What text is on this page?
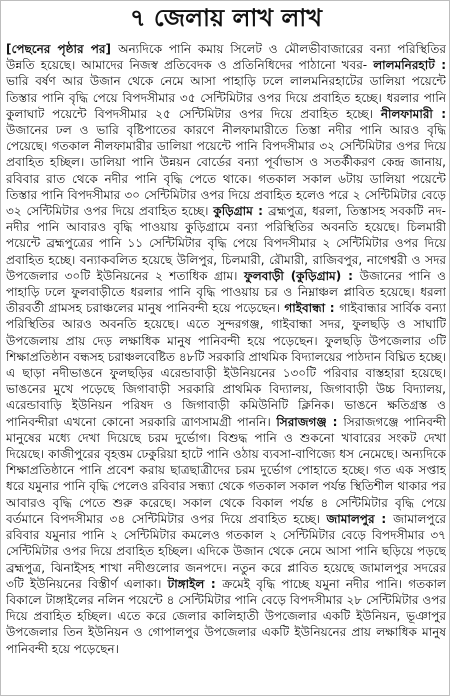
৭ জেলায় লাখ লাখ
[পেছনের পৃষ্ঠার পর] অন্যদিকে পানি কমায় সিলেট ও মৌলভীবাজারের বন্যা পরিস্থিতির উন্নতি হয়েছে। আমাদের নিজস্ব প্রতিবেদক ও প্রতিনিধিদের পাঠানো খবর- লালমনিরহাট : ভারি বর্ষণ আর উজান থেকে নেমে আসা পাহাড়ি ঢলে লালমনিরহাটের ডালিয়া পয়েন্টে তিস্তার পানি বৃদ্ধি পেয়ে বিপদসীমার ৩৫ সেন্টিমিটার ও‌পর দিয়ে প্রবাহিত হচ্ছে। ধরলার পানি কুলাঘাট পয়েন্টে বিপদসীমার ২৫ সেন্টিমিটার ওপর দিয়ে প্রবাহিত হচ্ছে। নীলফামারী : উজানের ঢল ও ভারি বৃষ্টিপাতের কারণে নীলফামারীতে তিস্তা নদীর পানি আরও বৃদ্ধি পেয়েছে। গতকাল নীলফামারীর ডালিয়া পয়েন্টে পানি বিপদসীমার ৩২ সেন্টিমিটার ওপর দিয়ে প্রবাহিত হচ্ছিল। ডালিয়া পানি উন্নয়ন বোর্ডের বন্যা পূর্বাভাস ও সতর্কীকরণ কেন্দ্র জানায়, রবিবার রাত থেকে নদীর পানি বৃদ্ধি পেতে থাকে। গতকাল সকাল ৬টায় ডালিয়া পয়েন্টে তিস্তার পানি বিপদসীমার ৩০ সেন্টিমিটার ওপর দিয়ে প্রবাহিত হলেও পরে ২ সেন্টিমিটার বেড়ে ৩২ সেন্টিমিটার ওপর দিয়ে প্রবাহিত হচ্ছে। কুড়িগ্রাম : ব্রহ্মপুত্র, ধরলা, তিস্তাসহ সবকটি নদ-নদীর পানি আবারও বৃদ্ধি পাওয়ায় কুড়িগ্রামে বন্যা পরিস্থিতির অবনতি হয়েছে। চিলমারী পয়েন্টে ব্রহ্মপুত্রের পানি ১১ সেন্টিমিটার বৃদ্ধি পেয়ে বিপদসীমার ২ সেন্টিমিটার ওপর দিয়ে প্রবাহিত হচ্ছে। বন্যাকবলিত হয়েছে উলিপুর, চিলমারী, রৌমারী, রাজিবপুর, নাগেশ্বরী ও সদর উপজেলার ৩০টি ইউনিয়নের ২ শতাধিক গ্রাম। ফুলবাড়ী (কুড়িগ্রাম) : উজানের পানি ও পাহাড়ি ঢলে ফুলবাড়ীতে ধরলার পানি বৃদ্ধি পাওয়ায় চর ও নিম্নাঞ্চল প্লাবিত হয়েছে। ধরলা তীরবর্তী গ্রামসহ চরাঞ্চলের মানুষ পানিবন্দী হয়ে পড়েছেন। গাইবান্ধা : গাইবান্ধার সার্বিক বন্যা পরিস্থিতির আরও অবনতি হয়েছে। এতে সুন্দরগঞ্জ, গাইবান্ধা সদর, ফুলছড়ি ও সাঘাটি উপজেলায় প্রায় দেড় লক্ষাধিক মানুষ পানিবন্দী হয়ে পড়েছেন। ফুলছড়ি উপজেলার ৩টি শিক্ষাপ্রতিষ্ঠান বন্ধসহ চরাঞ্চলবেষ্টিত ৪৮টি সরকারি প্রাথমিক বিদ্যালয়ের পাঠদান বিঘ্নিত হচ্ছে। এ ছাড়া নদীভাঙনে ফুলছড়ির এরেন্ডাবাড়ী ইউনিয়নের ১৩০টি পরিবার বাস্তহারা হয়েছে। ভাঙনের মুখে পড়েছে জিগাবাড়ী সরকারি প্রাথমিক বিদ্যালয়, জিগাবাড়ী উচ্চ বিদ্যালয়, এরেন্ডাবাড়ি ইউনিয়ন পরিষদ ও জিগাবাড়ী কমিউনিটি ক্লিনিক। ভাঙনে ক্ষতিগ্রস্ত ও পানিবন্দীরা এখনো কোনো সরকারি ত্রাণসামগ্রী পাননি। সিরাজগঞ্জ : সিরাজগঞ্জে পানিবন্দী মানুষের মধ্যে দেখা দিয়েছে চরম দুর্ভোগ। বিশুদ্ধ পানি ও শুকনো খাবারের সংকট দেখা দিয়েছে। কাজীপুরের বৃহত্তম ঢেকুরিয়া হাটে পানি ওঠায় ব্যবসা-বাণিজ্যে ধস নেমেছে। অন্যদিকে শিক্ষাপ্রতিষ্ঠানে পানি প্রবেশ করায় ছাত্রছাত্রীদের চরম দুর্ভোগ পোহাতে হচ্ছে। গত এক সপ্তাহ ধরে যমুনার পানি বৃদ্ধি পেলেও রবিবার সন্ধ্যা থেকে গতকাল সকাল পর্যন্ত স্থিতিশীল থাকার পর আবারও বৃদ্ধি পেতে শুরু করেছে। সকাল থেকে বিকাল পর্যন্ত ৪ সেন্টিমিটার বৃদ্ধি পেয়ে বর্তমানে বিপদসীমার ৩৪ সেন্টিমিটার ওপর দিয়ে প্রবাহিত হচ্ছে। জামালপুর : জামালপুরে রবিবার যমুনার পানি ২ সেন্টিমিটার কমলেও গতকাল ২ সেন্টিমিটার বেড়ে বিপদসীমার ৩৭ সেন্টিমিটার ওপর দিয়ে প্রবাহিত হচ্ছিল। এদিকে উজান থেকে নেমে আসা পানি ছড়িয়ে পড়ছে ব্রহ্মপুত্র, ঝিনাইসহ শাখা নদীগুলোর জনপদে। নতুন করে প্লাবিত হয়েছে জামালপুর সদরের ৩টি ইউনিয়নের বিস্তীর্ণ এলাকা। টাঙ্গাইল : ক্রমেই বৃদ্ধি পাচ্ছে যমুনা নদীর পানি। গতকাল বিকালে টাঙ্গাইলের নলিন পয়েন্টে ৪ সেন্টিমিটার পানি বেড়ে বিপদসীমার ২৮ সেন্টিমিটার ওপর দিয়ে প্রবাহিত হচ্ছিল। এতে করে জেলার কালিহাতী উপজেলার একটি ইউনিয়ন, ভূঞাপুর উপজেলার তিন ইউনিয়ন ও গোপালপুর উপজেলার একটি ইউনিয়নের প্রায় লক্ষাধিক মানুষ পানিবন্দী হয়ে পড়েছেন।
